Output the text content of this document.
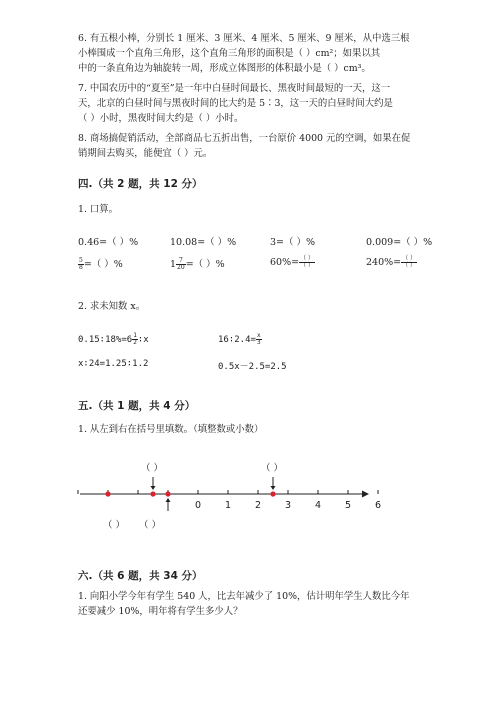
6. 有五根小棒，分别长 1 厘米、3 厘米、4 厘米、5 厘米、9 厘米，从中选三根
小棒围成一个直角三角形，这个直角三角形的面积是（ ）cm²；如果以其
中的一条直角边为轴旋转一周，形成立体图形的体积最小是（ ）cm³。
7. 中国农历中的“夏至”是一年中白昼时间最长、黑夜时间最短的一天，这一
天，北京的白昼时间与黑夜时间的比大约是 5∶3，这一天的白昼时间大约是
（ ）小时，黑夜时间大约是（ ）小时。
8. 商场搞促销活动，全部商品七五折出售，一台原价 4000 元的空调，如果在促
销期间去购买，能便宜（ ）元。
四.（共 2 题，共 12 分）
1. 口算。
0.46=（ ）%	10.08=（ ）%	3=（ ）%	0.009=（ ）%
$\frac{5}{8}$ =（ ）%	$1 \frac{7}{20}$ =（ ）%	$60\%= \frac{( )}{( )}$	$240\%= \frac{( )}{( )}$
2. 求未知数 x。
0.15∶18%=6 $\frac{1}{2}$ ∶x	16∶2.4= $\frac{x}{3}$
x∶24=1.25∶1.2	0.5x－2.5=2.5
五.（共 1 题，共 4 分）
1. 从左到右在括号里填数。（填整数或小数）
0	1	2	3	4	5	6
（ ）	（ ）
（ ） （ ）
六.（共 6 题，共 34 分）
1. 向阳小学今年有学生 540 人，比去年减少了 10%，估计明年学生人数比今年
还要减少 10%，明年将有学生多少人？
